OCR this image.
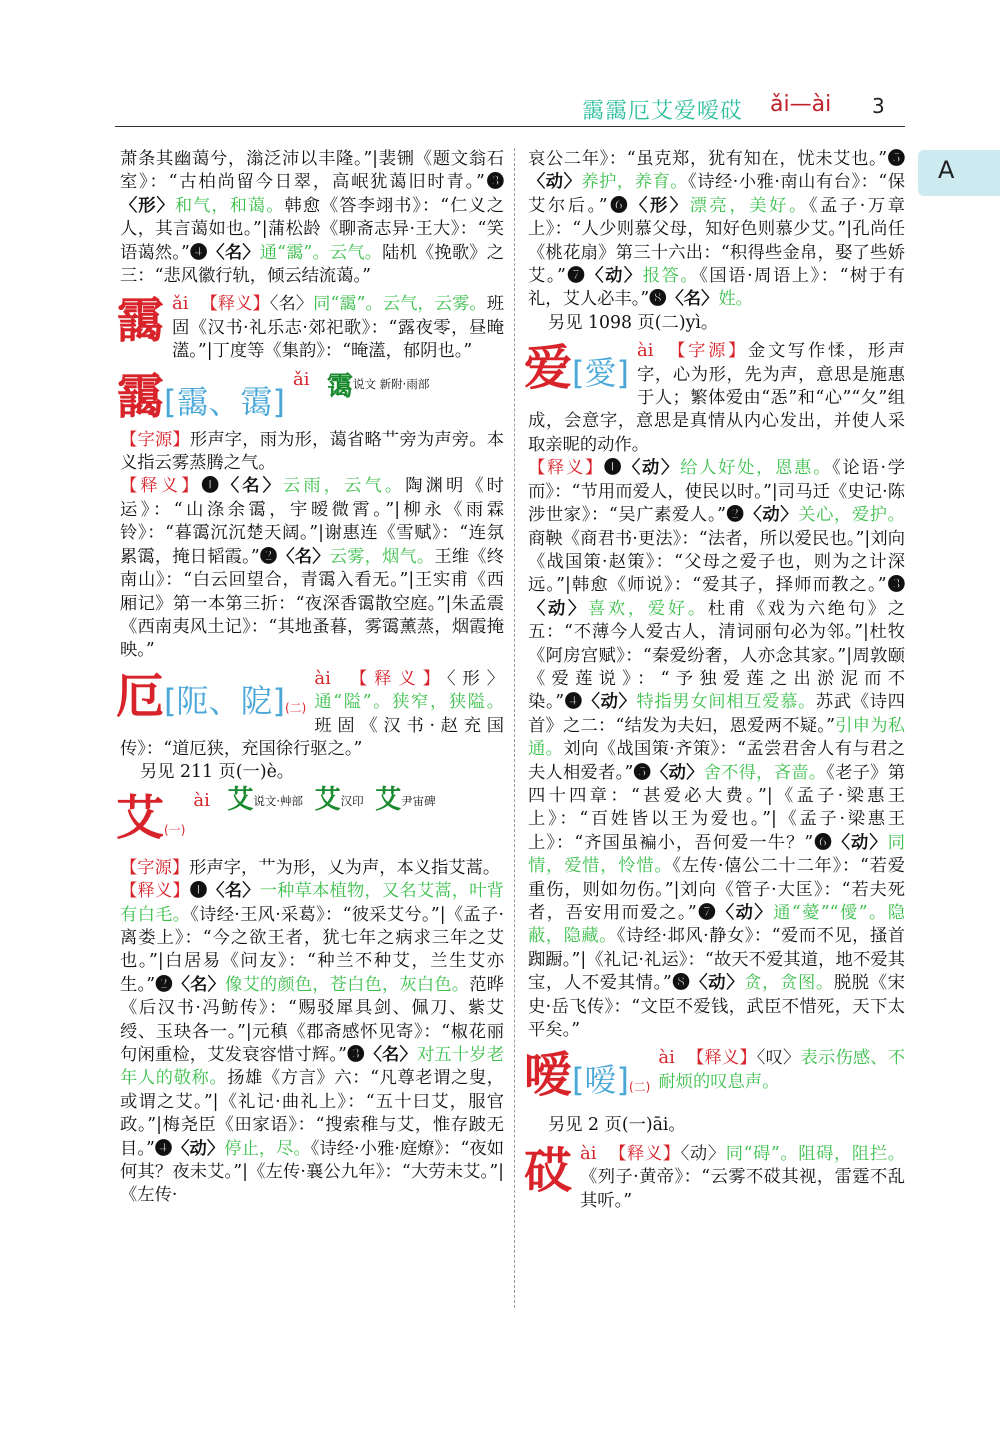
靄靄厄艾爱嗳砹 ǎi—ài 3
A

萧条其幽蔼兮，滃泛沛以丰隆。”|裴铏《题文翁石室》：“古柏尚留今日翠，高岷犹蔼旧时青。”❸〈形〉和气，和蔼。韩愈《答李翊书》：“仁义之人，其言蔼如也。”|蒲松龄《聊斋志异·王大》：“笑语蔼然。”❹〈名〉通“靄”。云气。陆机《挽歌》之三：“悲风徽行轨，倾云结流蔼。”

靄 ǎi 【释义】〈名〉同“靄”。云气，云雾。班固《汉书·礼乐志·郊祀歌》：“露夜零，昼晻濭。”|丁度等《集韵》：“晻濭，郁阴也。”
靄[靄、霭]
ǎi 霭说文 新附·雨部

【字源】形声字，雨为形，蔼省略艹旁为声旁。本义指云雾蒸腾之气。

【释义】❶〈名〉云雨，云气。陶渊明《时运》：“山涤余霭，宇暧微霄。”|柳永《雨霖铃》：“暮霭沉沉楚天阔。”|谢惠连《雪赋》：“连氛累霭，掩日韬霞。”❷〈名〉云雾，烟气。王维《终南山》：“白云回望合，青霭入看无。”|王实甫《西厢记》第一本第三折：“夜深香霭散空庭。”|朱孟震《西南夷风土记》：“其地蚤暮，雾霭薰蒸，烟霞掩映。”

厄[阨、阸](二)
ài 【释义】〈形〉通“隘”。狭窄，狭隘。班固《汉书·赵充国传》：“道厄狭，充国徐行驱之。”

另见 211 页(一)è。

艾(一)
ài 艾说文·艸部 艾汉印 艾尹宙碑

【字源】形声字，艹为形，乂为声，本义指艾蒿。

【释义】❶〈名〉一种草本植物，又名艾蒿，叶背有白毛。《诗经·王风·采葛》：“彼采艾兮。”|《孟子·离娄上》：“今之欲王者，犹七年之病求三年之艾也。”|白居易《问友》：“种兰不种艾，兰生艾亦生。”❷〈名〉像艾的颜色，苍白色，灰白色。范晔《后汉书·冯鲂传》：“赐驳犀具剑、佩刀、紫艾绶、玉玦各一。”|元稹《郡斋感怀见寄》：“椒花丽句闲重检，艾发衰容惜寸辉。”❸〈名〉对五十岁老年人的敬称。扬雄《方言》六：“凡尊老谓之叟，或谓之艾。”|《礼记·曲礼上》：“五十曰艾，服官政。”|梅尧臣《田家语》：“搜索稚与艾，惟存跛无目。”❹〈动〉停止，尽。《诗经·小雅·庭燎》：“夜如何其？夜未艾。”|《左传·襄公九年》：“大劳未艾。”|《左传·

哀公二年》：“虽克郑，犹有知在，忧未艾也。”❺〈动〉养护，养育。《诗经·小雅·南山有台》：“保艾尔后。”❻〈形〉漂亮，美好。《孟子·万章上》：“人少则慕父母，知好色则慕少艾。”|孔尚任《桃花扇》第三十六出：“积得些金帛，娶了些娇艾。”❼〈动〉报答。《国语·周语上》：“树于有礼，艾人必丰。”❽〈名〉姓。

另见 1098 页(二)yì。

爱[愛]
ài 【字源】金文写作𢜸，形声字，心为形，先为声，意思是施惠于人；繁体爱由“㤅”和“心”“夂”组成，会意字，意思是真情从内心发出，并使人采取亲昵的动作。

【释义】❶〈动〉给人好处，恩惠。《论语·学而》：“节用而爱人，使民以时。”|司马迁《史记·陈涉世家》：“吴广素爱人。”❷〈动〉关心，爱护。商鞅《商君书·更法》：“法者，所以爱民也。”|刘向《战国策·赵策》：“父母之爱子也，则为之计深远。”|韩愈《师说》：“爱其子，择师而教之。”❸〈动〉喜欢，爱好。杜甫《戏为六绝句》之五：“不薄今人爱古人，清词丽句必为邻。”|杜牧《阿房宫赋》：“秦爱纷奢，人亦念其家。”|周敦颐《爱莲说》：“予独爱莲之出淤泥而不染。”❹〈动〉特指男女间相互爱慕。苏武《诗四首》之二：“结发为夫妇，恩爱两不疑。”引申为私通。刘向《战国策·齐策》：“孟尝君舍人有与君之夫人相爱者。”❺〈动〉舍不得，吝啬。《老子》第四十四章：“甚爱必大费。”|《孟子·梁惠王上》：“百姓皆以王为爱也。”|《孟子·梁惠王上》：“齐国虽褊小，吾何爱一牛？”❻〈动〉同情，爱惜，怜惜。《左传·僖公二十二年》：“若爱重伤，则如勿伤。”|刘向《管子·大匡》：“若夫死者，吾安用而爱之。”❼〈动〉通“薆”“僾”。隐蔽，隐藏。《诗经·邶风·静女》：“爱而不见，搔首踟蹰。”|《礼记·礼运》：“故天不爱其道，地不爱其宝，人不爱其情。”❽〈动〉贪，贪图。脱脱《宋史·岳飞传》：“文臣不爱钱，武臣不惜死，天下太平矣。”

嗳[嗳](二)
ài 【释义】〈叹〉表示伤感、不耐烦的叹息声。

另见 2 页(一)āi。

砹 ài 【释义】〈动〉同“碍”。阻碍，阻拦。《列子·黄帝》：“云雾不砹其视，雷霆不乱其听。”
